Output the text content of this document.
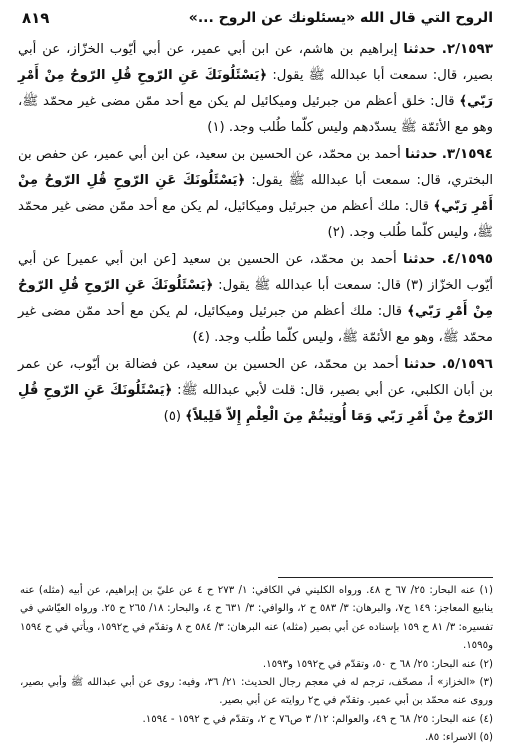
الروح التي قال الله «يسئلونك عن الروح ...»
٨١٩

٢/١٥٩٣. حدثنا إبراهيم بن هاشم، عن ابن أبي عمير، عن أبي أيّوب الخزّاز، عن أبي بصير، قال: سمعت أبا عبدالله ﷺ يقول: ﴿يَسْئَلُونَكَ عَنِ الرّوحِ قُلِ الرّوحُ مِنْ أَمْرِ رَبّي﴾ قال: خلق أعظم من جبرئيل وميكائيل لم يكن مع أحد ممّن مضى غير محمّد ﷺ، وهو مع الأئمّة ﷺ يسدّدهم وليس كلّما طُلب وجد. (١)

٣/١٥٩٤. حدثنا أحمد بن محمّد، عن الحسين بن سعيد، عن ابن أبي عمير، عن حفص بن البختري، قال: سمعت أبا عبدالله ﷺ يقول: ﴿يَسْئَلُونَكَ عَنِ الرّوحِ قُلِ الرّوحُ مِنْ أَمْرِ رَبّي﴾ قال: ملك أعظم من جبرئيل وميكائيل، لم يكن مع أحد ممّن مضى غير محمّد ﷺ، وليس كلّما طُلب وجد. (٢)

٤/١٥٩٥. حدثنا أحمد بن محمّد، عن الحسين بن سعيد [عن ابن أبي عمير] عن أبي أيّوب الخزّاز (٣) قال: سمعت أبا عبدالله ﷺ يقول: ﴿يَسْئَلُونَكَ عَنِ الرّوحِ قُلِ الرّوحُ مِنْ أَمْرِ رَبّي﴾ قال: ملك أعظم من جبرئيل وميكائيل، لم يكن مع أحد ممّن مضى غير محمّد ﷺ، وهو مع الأئمّة ﷺ، وليس كلّما طُلب وجد. (٤)

٥/١٥٩٦. حدثنا أحمد بن محمّد، عن الحسين بن سعيد، عن فضالة بن أيّوب، عن عمر بن أبان الكلبي، عن أبي بصير، قال: قلت لأبي عبدالله ﷺ: ﴿يَسْئَلُونَكَ عَنِ الرّوحِ قُلِ الرّوحُ مِنْ أَمْرِ رَبّي وَمَا أُوتِيتُمْ مِنَ الْعِلْمِ إِلاّ قَلِيلاً﴾ (٥)

(١) عنه البحار: ٢٥/ ٦٧ ح ٤٨. ورواه الكليني في الكافي: ١/ ٢٧٣ ح ٤ عن عليّ بن إبراهيم، عن أبيه (مثله) عنه ينابيع المعاجز: ١٤٩ ح٧، والبرهان: ٣/ ٥٨٣ ح ٢، والوافي: ٣/ ٦٣١ ح ٤، والبحار: ١٨/ ٢٦٥ ح ٢٥. ورواه العيّاشي في تفسيره: ٣/ ٨١ ح ١٥٩ بإسناده عن أبي بصير (مثله) عنه البرهان: ٣/ ٥٨٤ ح ٨ وتقدّم في ح١٥٩٢، ويأتي في ح ١٥٩٤ و١٥٩٥.

(٢) عنه البحار: ٢٥/ ٦٨ ح ٥٠، وتقدّم في ح١٥٩٢ و١٥٩٣.

(٣) «الخزاز» أ، مصحّف، ترجم له في معجم رجال الحديث: ٢١/ ٣٦، وفيه: روى عن أبي عبدالله ﷺ وأبي بصير، وروى عنه محمّد بن أبي عمير. وتقدّم في ح٢ روايته عن أبي بصير.

(٤) عنه البحار: ٢٥/ ٦٨ ح ٤٩، والعوالم: ١٢/ ٣ ص٧٦ ح ٢، وتقدّم في ح ١٥٩٢ - ١٥٩٤.

(٥) الاسراء: ٨٥.
